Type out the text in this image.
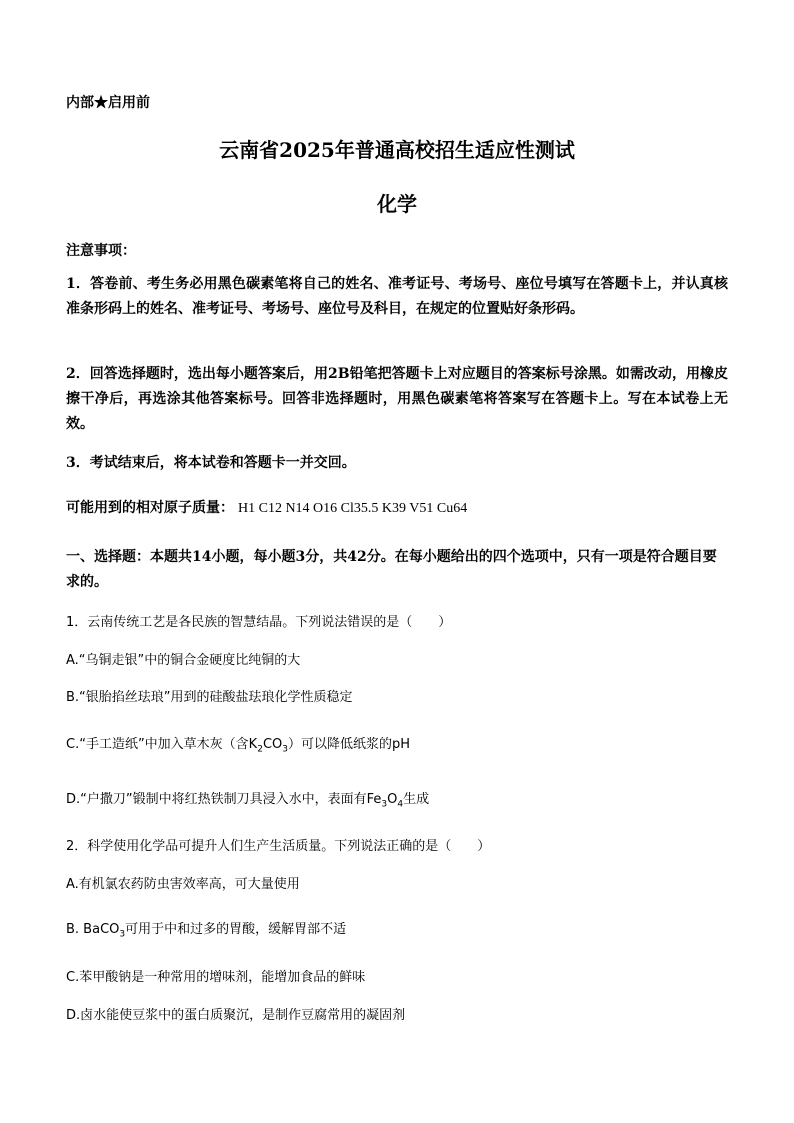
内部★启用前
云南省2025年普通高校招生适应性测试
化学
注意事项：
1．答卷前、考生务必用黑色碳素笔将自己的姓名、准考证号、考场号、座位号填写在答题卡上，并认真核准条形码上的姓名、准考证号、考场号、座位号及科目，在规定的位置贴好条形码。
2．回答选择题时，选出每小题答案后，用2B铅笔把答题卡上对应题目的答案标号涂黑。如需改动，用橡皮擦干净后，再选涂其他答案标号。回答非选择题时，用黑色碳素笔将答案写在答题卡上。写在本试卷上无效。
3．考试结束后，将本试卷和答题卡一并交回。
可能用到的相对原子质量： H1 C12 N14 O16 Cl35.5 K39 V51 Cu64
一、选择题：本题共14小题，每小题3分，共42分。在每小题给出的四个选项中，只有一项是符合题目要求的。
1．云南传统工艺是各民族的智慧结晶。下列说法错误的是（　　）
A.“乌铜走银”中的铜合金硬度比纯铜的大
B.“银胎掐丝珐琅”用到的硅酸盐珐琅化学性质稳定
C.“手工造纸”中加入草木灰（含$K_2CO_3$）可以降低纸浆的pH
D.“户撒刀”锻制中将红热铁制刀具浸入水中，表面有$Fe_3O_4$生成
2．科学使用化学品可提升人们生产生活质量。下列说法正确的是（　　）
A.有机氯农药防虫害效率高，可大量使用
B. BaCO$_3$可用于中和过多的胃酸，缓解胃部不适
C.苯甲酸钠是一种常用的增味剂，能增加食品的鲜味
D.卤水能使豆浆中的蛋白质聚沉，是制作豆腐常用的凝固剂
